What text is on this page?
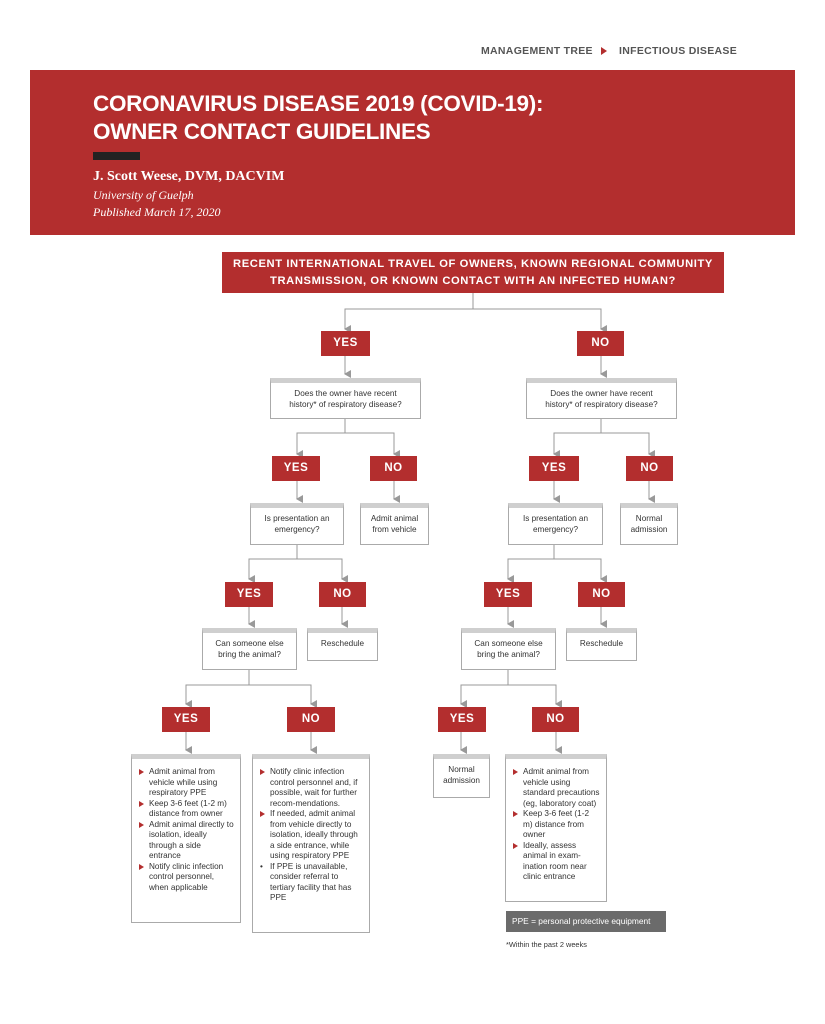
MANAGEMENT TREE INFECTIOUS DISEASE
CORONAVIRUS DISEASE 2019 (COVID-19):
OWNER CONTACT GUIDELINES
J. Scott Weese, DVM, DACVIM
University of Guelph
Published March 17, 2020
RECENT INTERNATIONAL TRAVEL OF OWNERS, KNOWN REGIONAL COMMUNITY
TRANSMISSION, OR KNOWN CONTACT WITH AN INFECTED HUMAN?
YES	NO
Does the owner have recent
history* of respiratory disease?
Does the owner have recent
history* of respiratory disease?
YES	NO	YES	NO
Is presentation an
emergency?
Admit animal
from vehicle
Is presentation an
emergency?
Normal
admission
YES	NO	YES	NO
Can someone else
bring the animal?
Reschedule	Can someone else
bring the animal?
Reschedule
YES	NO	YES	NO
Admit animal from vehicle while using respiratory PPE
Keep 3-6 feet (1-2 m) distance from owner
Admit animal directly to isolation, ideally through a side entrance
Notify clinic infection control personnel, when applicable
Notify clinic infection control personnel and, if possible, wait for further recom-mendations.
If needed, admit animal from vehicle directly to isolation, ideally through a side entrance, while using respiratory PPE
• If PPE is unavailable, consider referral to tertiary facility that has PPE
Normal
admission
Admit animal from vehicle using standard precautions (eg, laboratory coat)
Keep 3-6 feet (1-2 m) distance from owner
Ideally, assess animal in exam-ination room near clinic entrance
PPE = personal protective equipment
*Within the past 2 weeks
